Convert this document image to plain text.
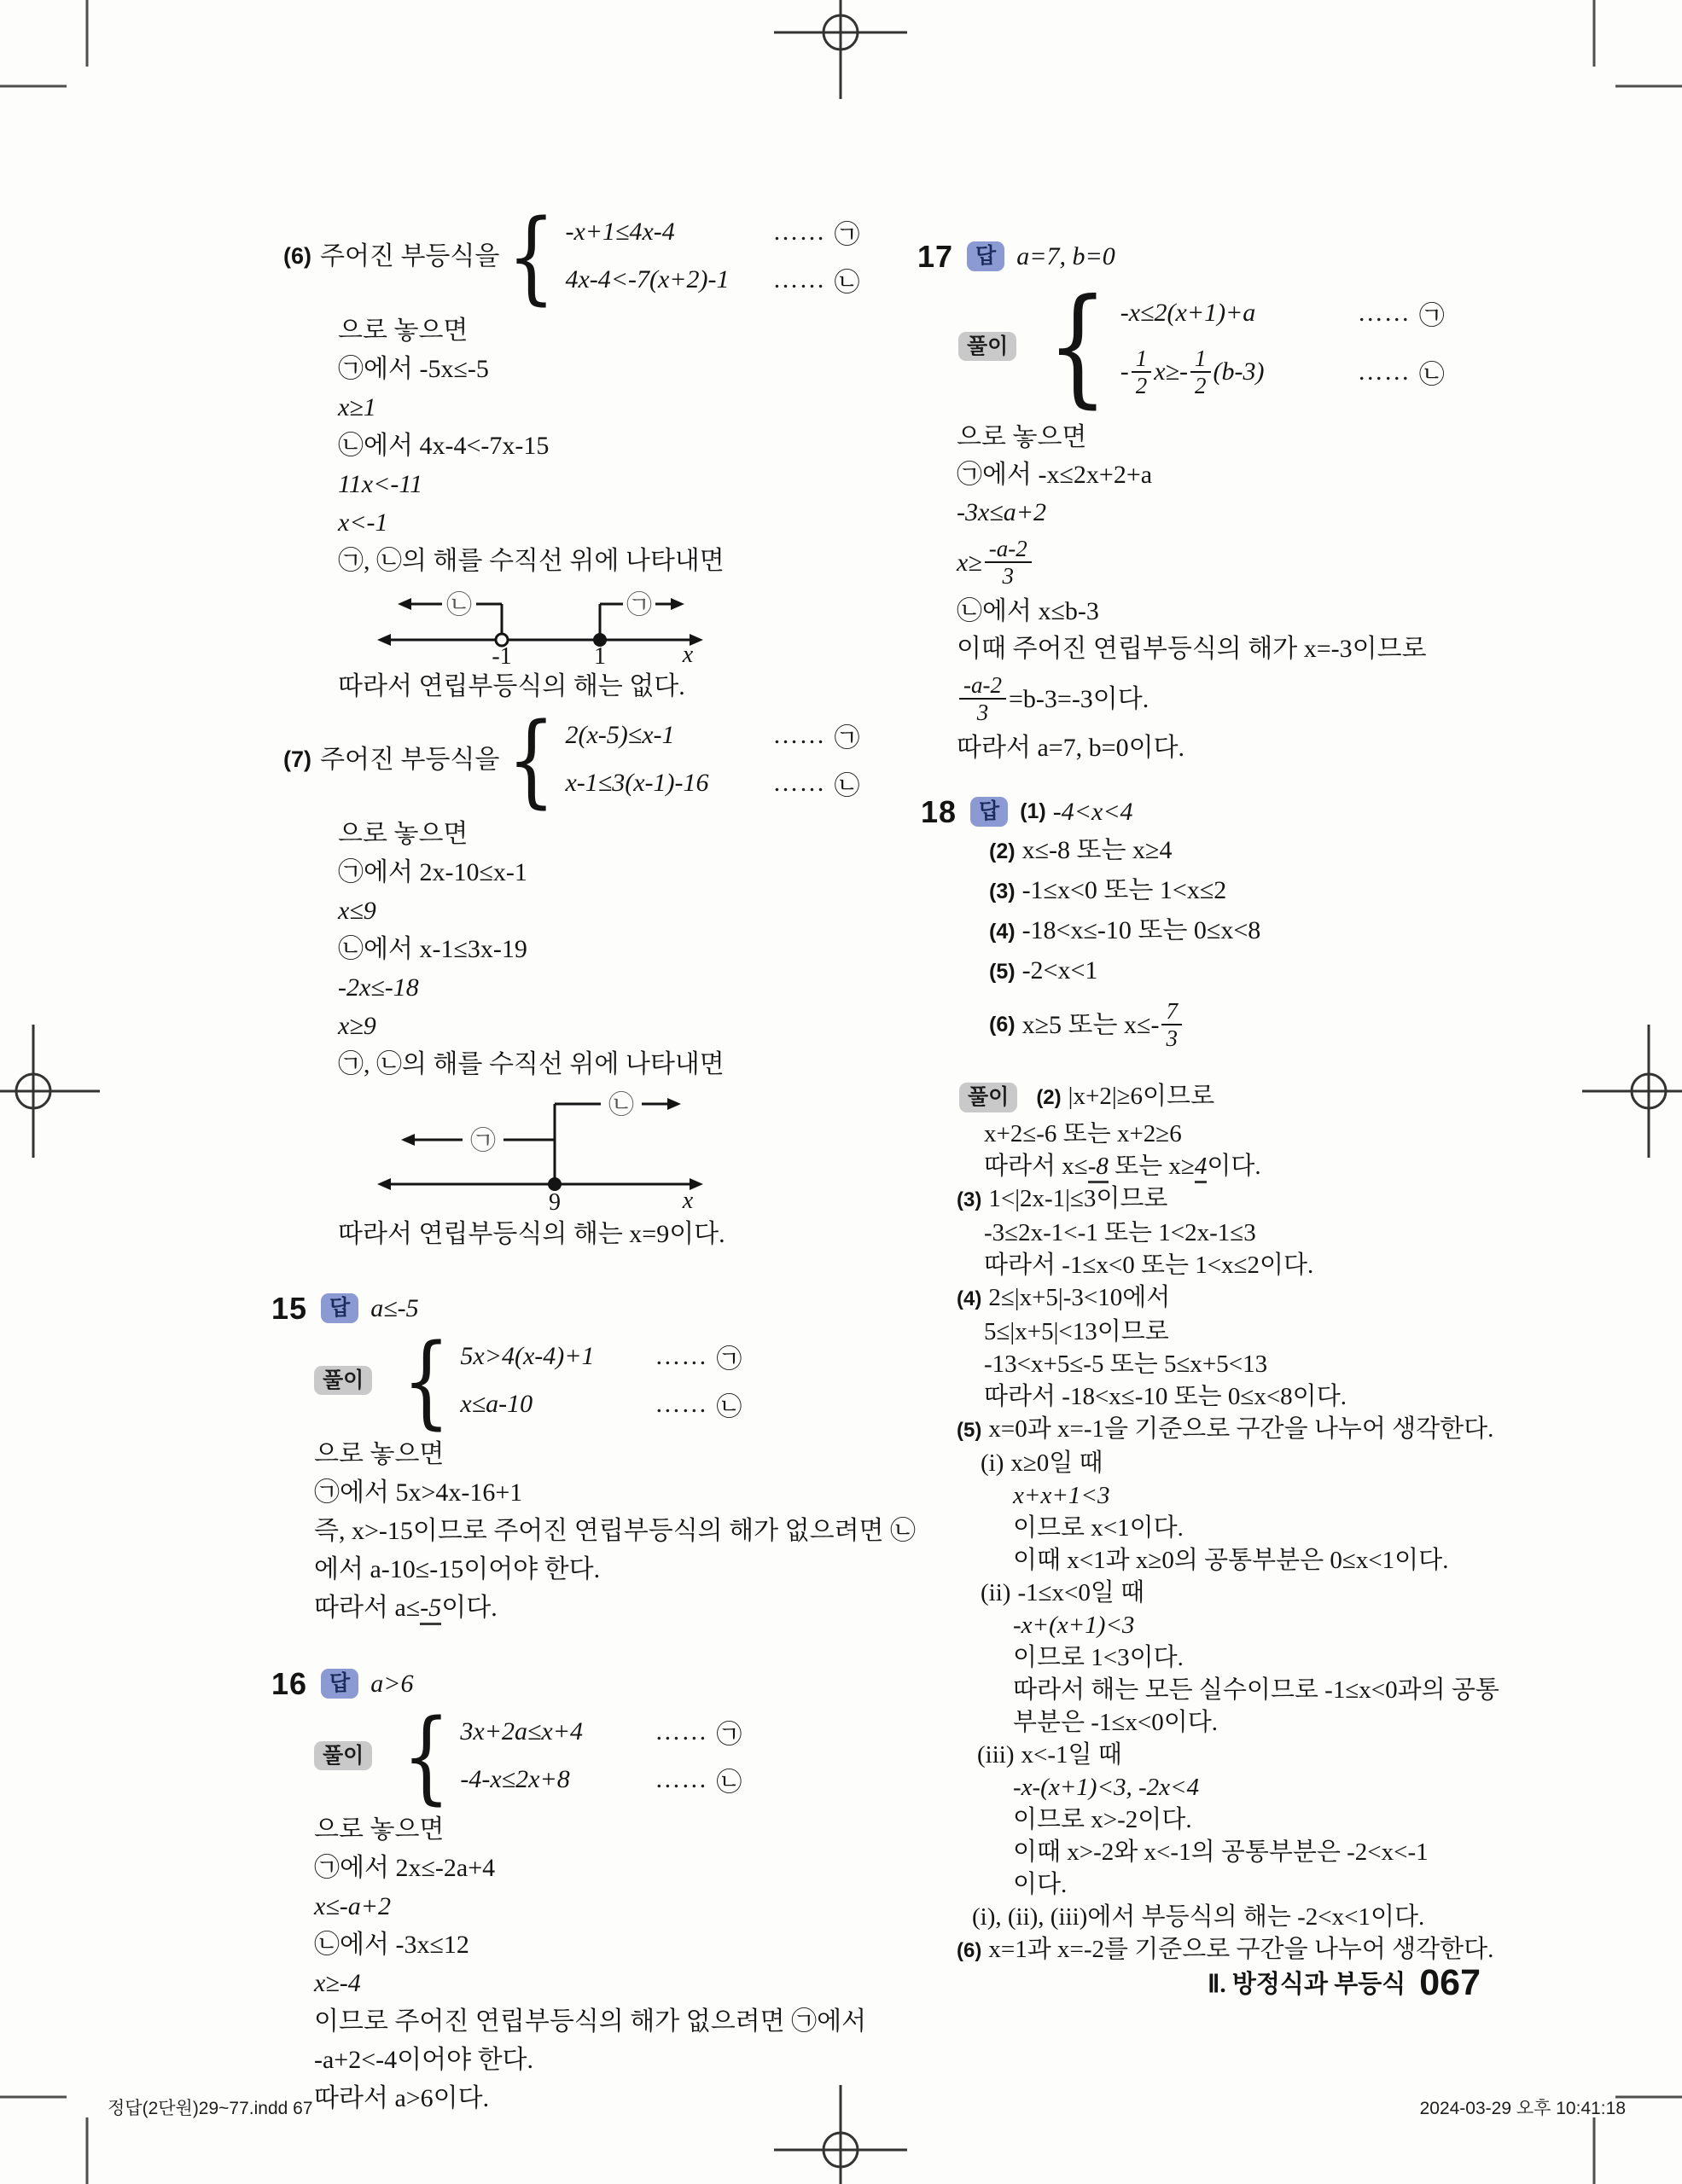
(6) 주어진 부등식을 { -x+1≤4x-4	…… ㉠
4x-4<-7(x+2)-1	…… ㉡
으로 놓으면
㉠에서 -5x≤-5
x≥1
㉡에서 4x-4<-7x-15
11x<-11
x<-1
㉠, ㉡의 해를 수직선 위에 나타내면
㉡	㉠
-1	1	x
따라서 연립부등식의 해는 없다.
(7) 주어진 부등식을 { 2(x-5)≤x-1	…… ㉠
x-1≤3(x-1)-16	…… ㉡
으로 놓으면
㉠에서 2x-10≤x-1
x≤9
㉡에서 x-1≤3x-19
-2x≤-18
x≥9
㉠, ㉡의 해를 수직선 위에 나타내면
㉡
㉠
9	x
따라서 연립부등식의 해는 x=9이다.
15	답 a≤-5
풀이 { 5x>4(x-4)+1	…… ㉠
x≤a-10	…… ㉡
으로 놓으면
㉠에서 5x>4x-16+1
즉, x>-15이므로 주어진 연립부등식의 해가 없으려면 ㉡
에서 a-10≤-15이어야 한다.
따라서 a≤-5이다.
16	답 a>6
풀이 { 3x+2a≤x+4	…… ㉠
-4-x≤2x+8	…… ㉡
으로 놓으면
㉠에서 2x≤-2a+4
x≤-a+2
㉡에서 -3x≤12
x≥-4
이므로 주어진 연립부등식의 해가 없으려면 ㉠에서
-a+2<-4이어야 한다.
따라서 a>6이다.
17	답 a=7, b=0
풀이 { -x≤2(x+1)+a	…… ㉠
- $\frac{1}{2} x\ge- \frac{1}{2} (b-3)$	…… ㉡
으로 놓으면
㉠에서 -x≤2x+2+a
-3x≤a+2
$x\ge \frac{-a-2}{3}$
㉡에서 x≤b-3
이때 주어진 연립부등식의 해가 x=-3이므로
$\frac{-a-2}{3} =b-3=-3$이다.
따라서 a=7, b=0이다.
18	답 (1) -4<x<4
(2) x≤-8 또는 x≥4
(3) -1≤x<0 또는 1<x≤2
(4) -18<x≤-10 또는 0≤x<8
(5) -2<x<1
(6) x≥5 또는 $x\le- \frac{7}{3}$
풀이	(2) |x+2|≥6이므로
x+2≤-6 또는 x+2≥6
따라서 x≤-8 또는 x≥4이다.
(3) 1<|2x-1|≤3이므로
-3≤2x-1<-1 또는 1<2x-1≤3
따라서 -1≤x<0 또는 1<x≤2이다.
(4) 2≤|x+5|-3<10에서
5≤|x+5|<13이므로
-13<x+5≤-5 또는 5≤x+5<13
따라서 -18<x≤-10 또는 0≤x<8이다.
(5) x=0과 x=-1을 기준으로 구간을 나누어 생각한다.
(i) x≥0일 때
x+x+1<3
이므로 x<1이다.
이때 x<1과 x≥0의 공통부분은 0≤x<1이다.
(ii) -1≤x<0일 때
-x+(x+1)<3
이므로 1<3이다.
따라서 해는 모든 실수이므로 -1≤x<0과의 공통
부분은 -1≤x<0이다.
(iii) x<-1일 때
-x-(x+1)<3, -2x<4
이므로 x>-2이다.
이때 x>-2와 x<-1의 공통부분은 -2<x<-1
이다.
(i), (ii), (iii)에서 부등식의 해는 -2<x<1이다.
(6) x=1과 x=-2를 기준으로 구간을 나누어 생각한다.
Ⅱ. 방정식과 부등식 067
정답(2단원)29~77.indd 67	2024-03-29 오후 10:41:18
